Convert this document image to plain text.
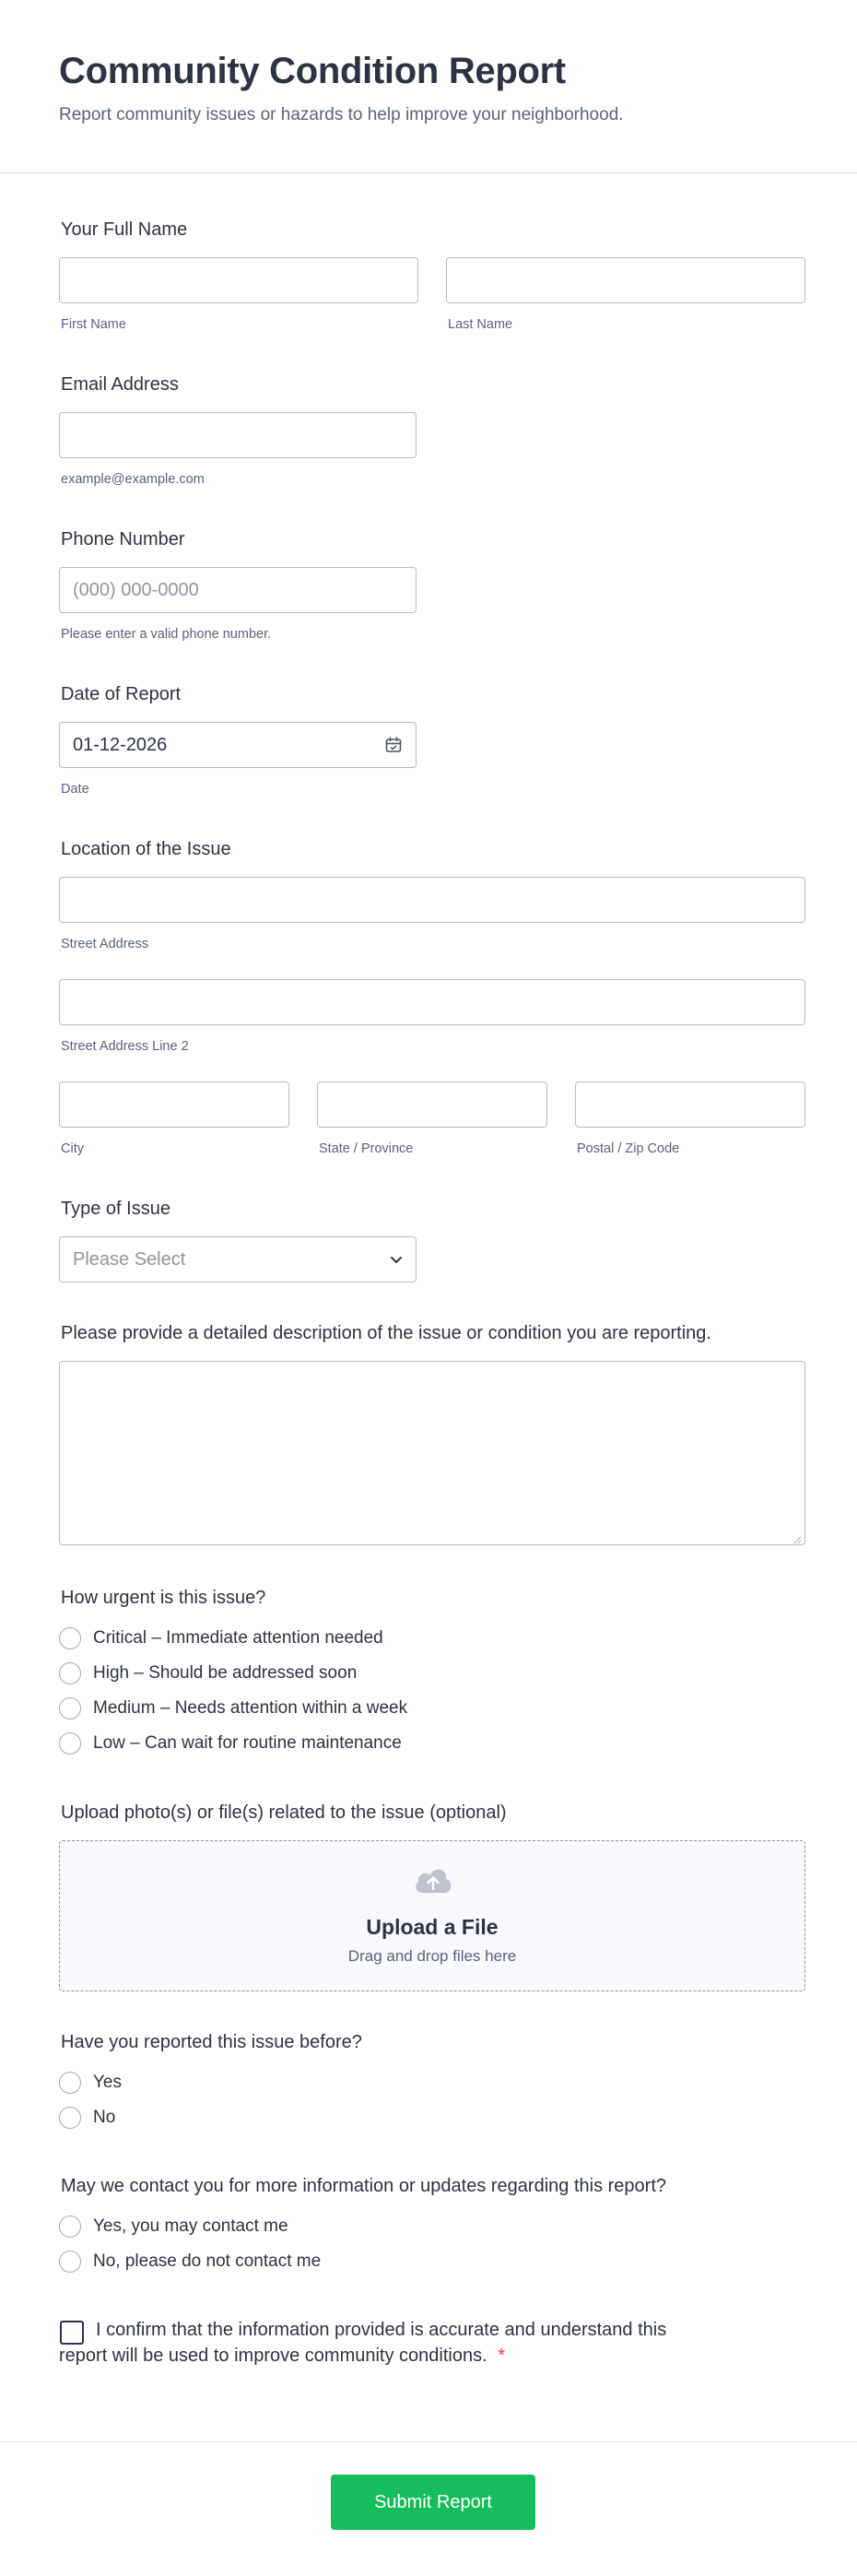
Community Condition Report
Report community issues or hazards to help improve your neighborhood.
Your Full Name
First Name	Last Name
Email Address
example@example.com
Phone Number
(000) 000-0000
Please enter a valid phone number.
Date of Report
01-12-2026
Date
Location of the Issue
Street Address
Street Address Line 2
City	State / Province	Postal / Zip Code
Type of Issue
Please Select
Please provide a detailed description of the issue or condition you are reporting.
How urgent is this issue?
Critical – Immediate attention needed
High – Should be addressed soon
Medium – Needs attention within a week
Low – Can wait for routine maintenance
Upload photo(s) or file(s) related to the issue (optional)
Upload a File
Drag and drop files here
Have you reported this issue before?
Yes
No
May we contact you for more information or updates regarding this report?
Yes, you may contact me
No, please do not contact me
I confirm that the information provided is accurate and understand this
report will be used to improve community conditions. *
Submit Report
